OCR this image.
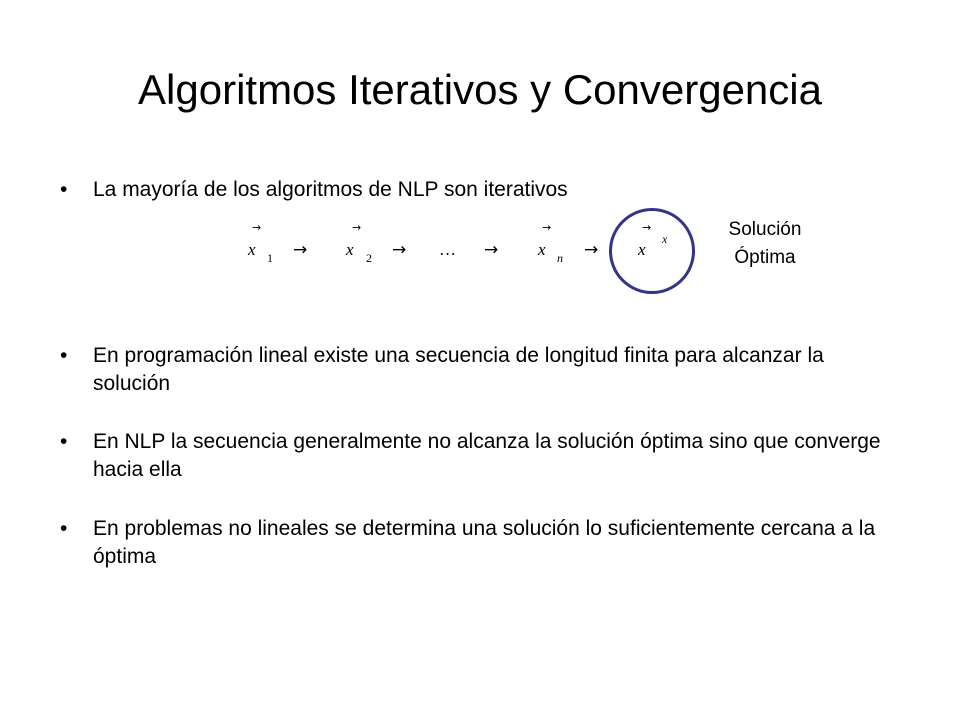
Algoritmos Iterativos y Convergencia
•	La mayoría de los algoritmos de NLP son iterativos
→
x 1 →
→
x 2 → … →
→
x n →
→
x
x	Solución
Óptima
•	En programación lineal existe una secuencia de longitud finita para alcanzar la solución
•	En NLP la secuencia generalmente no alcanza la solución óptima sino que converge hacia ella
•	En problemas no lineales se determina una solución lo suficientemente cercana a la óptima
